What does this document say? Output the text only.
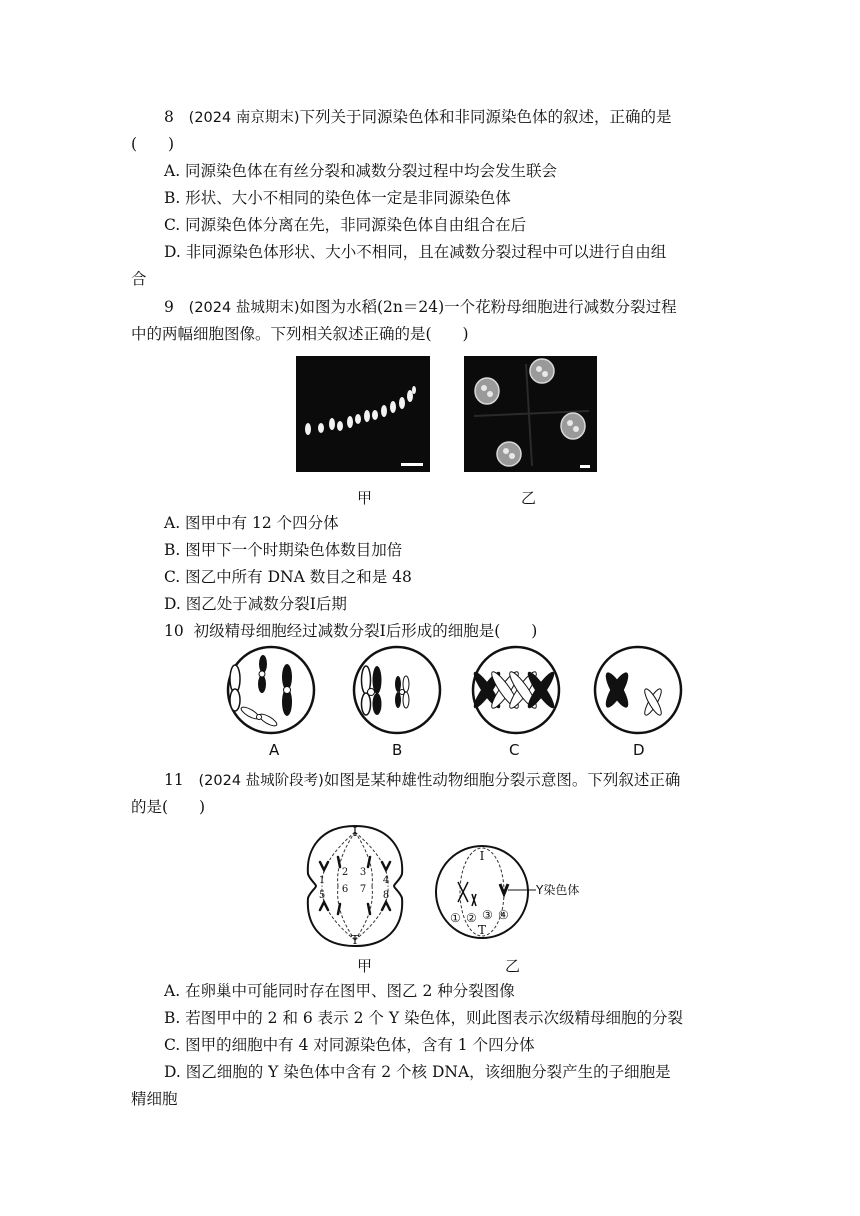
8 (2024 南京期末)下列关于同源染色体和非同源染色体的叙述，正确的是
(　　)
A. 同源染色体在有丝分裂和减数分裂过程中均会发生联会
B. 形状、大小不相同的染色体一定是非同源染色体
C. 同源染色体分离在先，非同源染色体自由组合在后
D. 非同源染色体形状、大小不相同，且在减数分裂过程中可以进行自由组
合
9 (2024 盐城期末)如图为水稻(2n＝24)一个花粉母细胞进行减数分裂过程
中的两幅细胞图像。下列相关叙述正确的是(　　)
甲	乙
A. 图甲中有 12 个四分体
B. 图甲下一个时期染色体数目加倍
C. 图乙中所有 DNA 数目之和是 48
D. 图乙处于减数分裂Ⅰ后期
10 初级精母细胞经过减数分裂Ⅰ后形成的细胞是(　　)
A	B	C	D
11 (2024 盐城阶段考)如图是某种雄性动物细胞分裂示意图。下列叙述正确
的是(　　)
I
T
1
2 3
4
5
6 7
8
I
T
① ② ③ ④
Y染色体
甲	乙
A. 在卵巢中可能同时存在图甲、图乙 2 种分裂图像
B. 若图甲中的 2 和 6 表示 2 个 Y 染色体，则此图表示次级精母细胞的分裂
C. 图甲的细胞中有 4 对同源染色体，含有 1 个四分体
D. 图乙细胞的 Y 染色体中含有 2 个核 DNA，该细胞分裂产生的子细胞是
精细胞
